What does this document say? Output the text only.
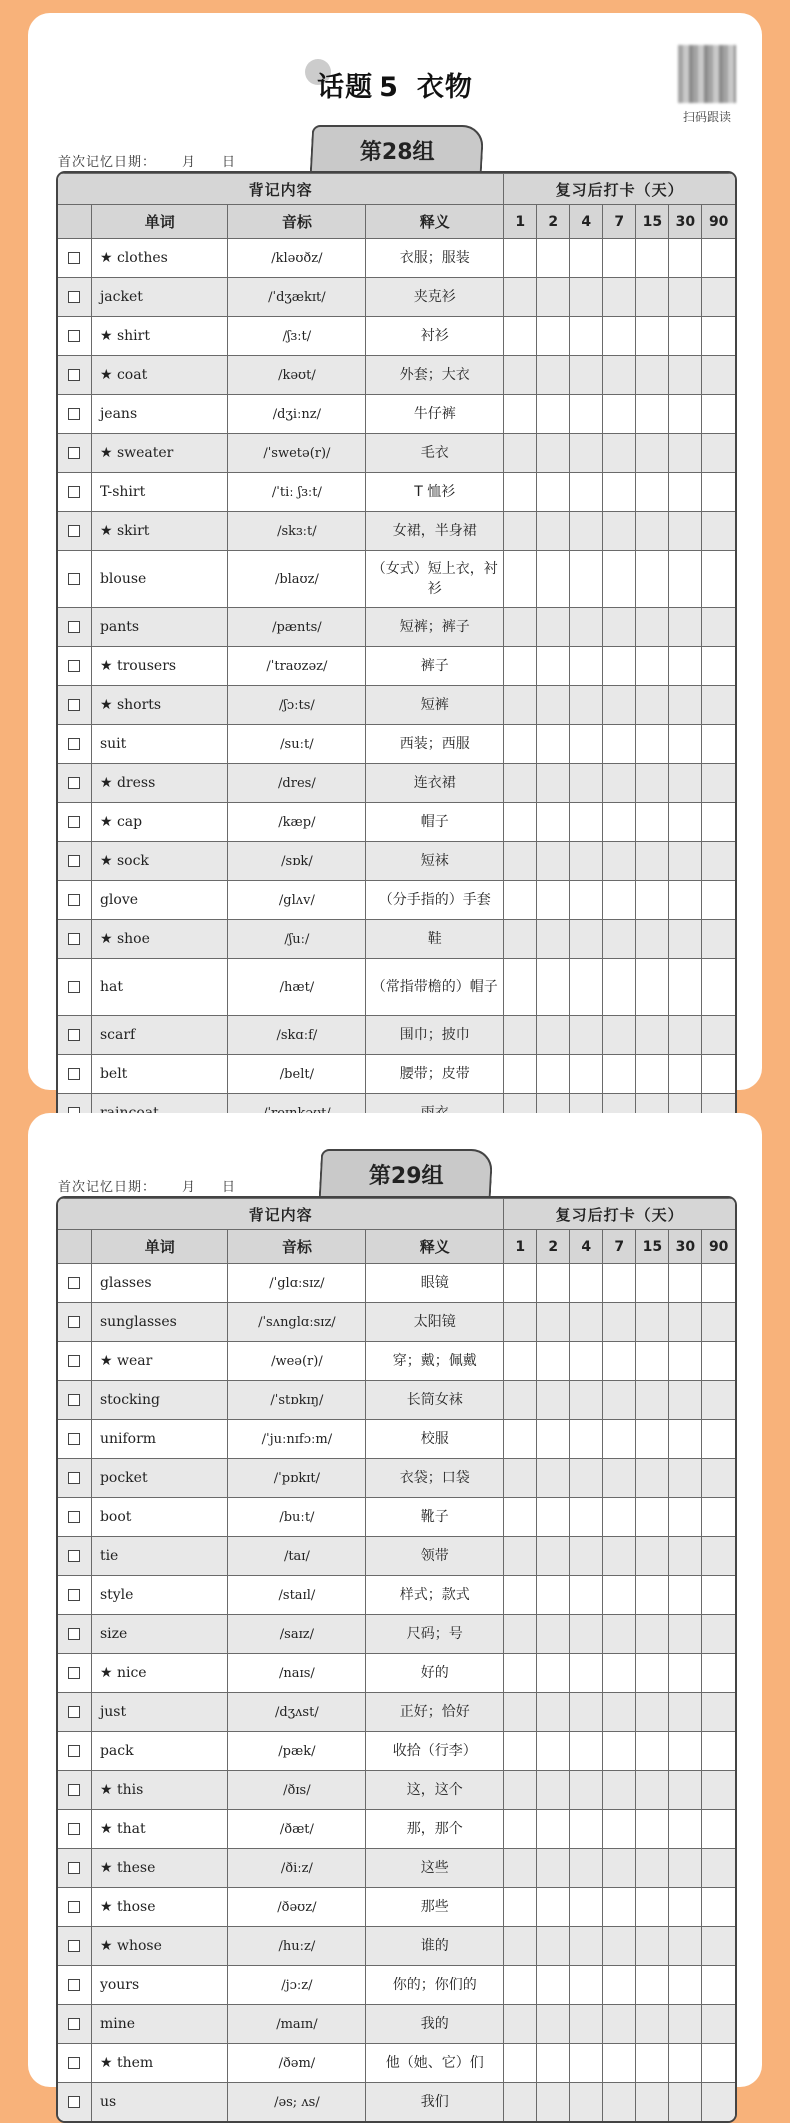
话题 5 衣物
扫码跟读
首次记忆日期： 月 日	第28组
背记内容				复习后打卡（天）						
	单词	音标	释义	1	2	4	7	15	30	90
	★ clothes	/kləʊðz/	衣服；服装							
	jacket	/ˈdʒækɪt/	夹克衫							
	★ shirt	/ʃɜːt/	衬衫							
	★ coat	/kəʊt/	外套；大衣							
	jeans	/dʒiːnz/	牛仔裤							
	★ sweater	/ˈswetə(r)/	毛衣							
	T-shirt	/ˈtiː ʃɜːt/	T 恤衫							
	★ skirt	/skɜːt/	女裙，半身裙							
	blouse	/blaʊz/	（女式）短上衣，衬衫							
	pants	/pænts/	短裤；裤子							
	★ trousers	/ˈtraʊzəz/	裤子							
	★ shorts	/ʃɔːts/	短裤							
	suit	/suːt/	西装；西服							
	★ dress	/dres/	连衣裙							
	★ cap	/kæp/	帽子							
	★ sock	/sɒk/	短袜							
	glove	/glʌv/	（分手指的）手套							
	★ shoe	/ʃuː/	鞋							
	hat	/hæt/	（常指带檐的）帽子							
	scarf	/skɑːf/	围巾；披巾							
	belt	/belt/	腰带；皮带							

首次记忆日期： 月 日	第29组
背记内容				复习后打卡（天）						
	单词	音标	释义	1	2	4	7	15	30	90
	glasses	/ˈglɑːsɪz/	眼镜							
	sunglasses	/ˈsʌnglɑːsɪz/	太阳镜							
	★ wear	/weə(r)/	穿；戴；佩戴							
	stocking	/ˈstɒkɪŋ/	长筒女袜							
	uniform	/ˈjuːnɪfɔːm/	校服							
	pocket	/ˈpɒkɪt/	衣袋；口袋							
	boot	/buːt/	靴子							
	tie	/taɪ/	领带							
	style	/staɪl/	样式；款式							
	size	/saɪz/	尺码；号							
	★ nice	/naɪs/	好的							
	just	/dʒʌst/	正好；恰好							
	pack	/pæk/	收拾（行李）							
	★ this	/ðɪs/	这，这个							
	★ that	/ðæt/	那，那个							
	★ these	/ðiːz/	这些							
	★ those	/ðəʊz/	那些							
	★ whose	/huːz/	谁的							
	yours	/jɔːz/	你的；你们的							
	mine	/maɪn/	我的							
	★ them	/ðəm/	他（她、它）们							
	us	/əs; ʌs/	我们							
